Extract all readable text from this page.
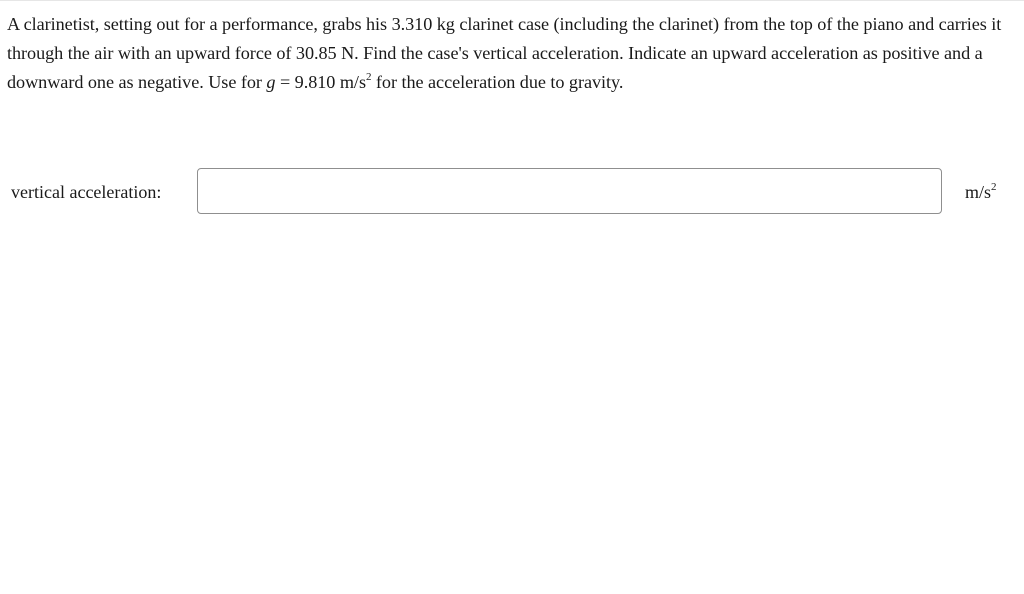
A clarinetist, setting out for a performance, grabs his 3.310 kg clarinet case (including the clarinet) from the top of the piano and carries it through the air with an upward force of 30.85 N. Find the case's vertical acceleration. Indicate an upward acceleration as positive and a downward one as negative. Use for g = 9.810 $m/s^2$ for the acceleration due to gravity.
vertical acceleration:	$m/s^2$
